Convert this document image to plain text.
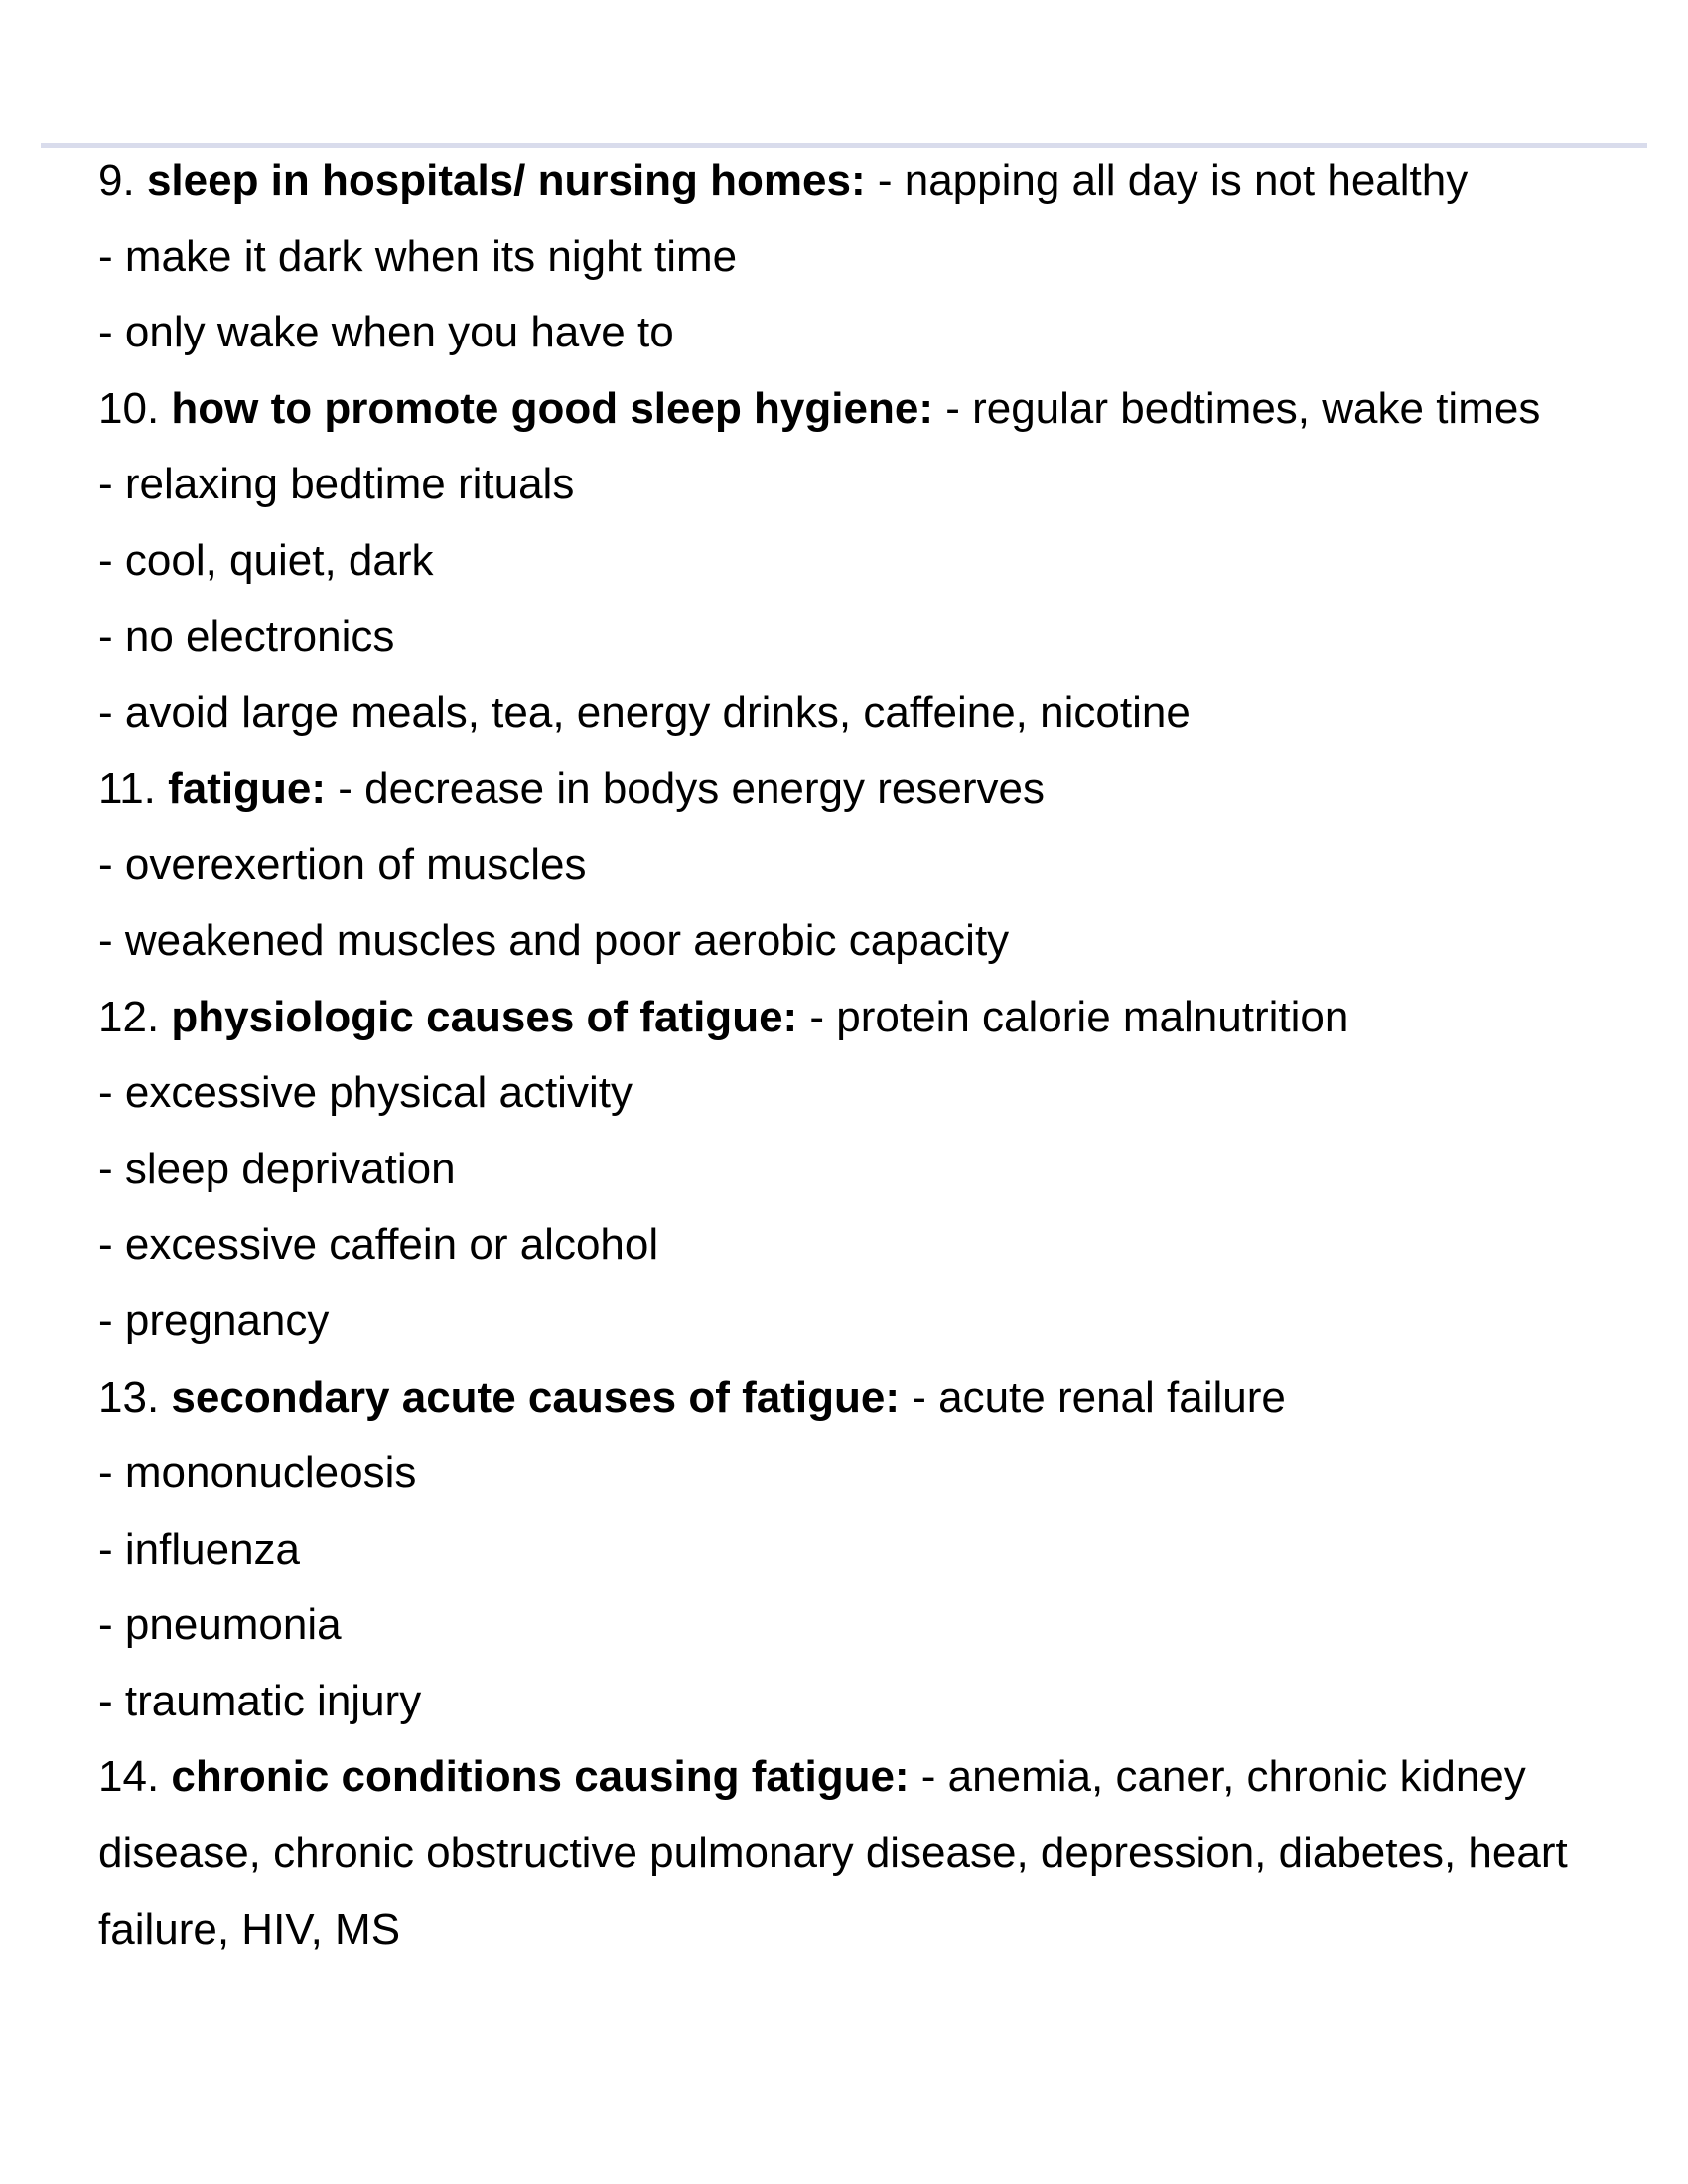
9. sleep in hospitals/ nursing homes: - napping all day is not healthy

- make it dark when its night time

- only wake when you have to

10. how to promote good sleep hygiene: - regular bedtimes, wake times

- relaxing bedtime rituals

- cool, quiet, dark

- no electronics

- avoid large meals, tea, energy drinks, caffeine, nicotine

11. fatigue: - decrease in bodys energy reserves

- overexertion of muscles

- weakened muscles and poor aerobic capacity

12. physiologic causes of fatigue: - protein calorie malnutrition

- excessive physical activity

- sleep deprivation

- excessive caffein or alcohol

- pregnancy

13. secondary acute causes of fatigue: - acute renal failure

- mononucleosis

- influenza

- pneumonia

- traumatic injury

14. chronic conditions causing fatigue: - anemia, caner, chronic kidney disease, chronic obstructive pulmonary disease, depression, diabetes, heart failure, HIV, MS
